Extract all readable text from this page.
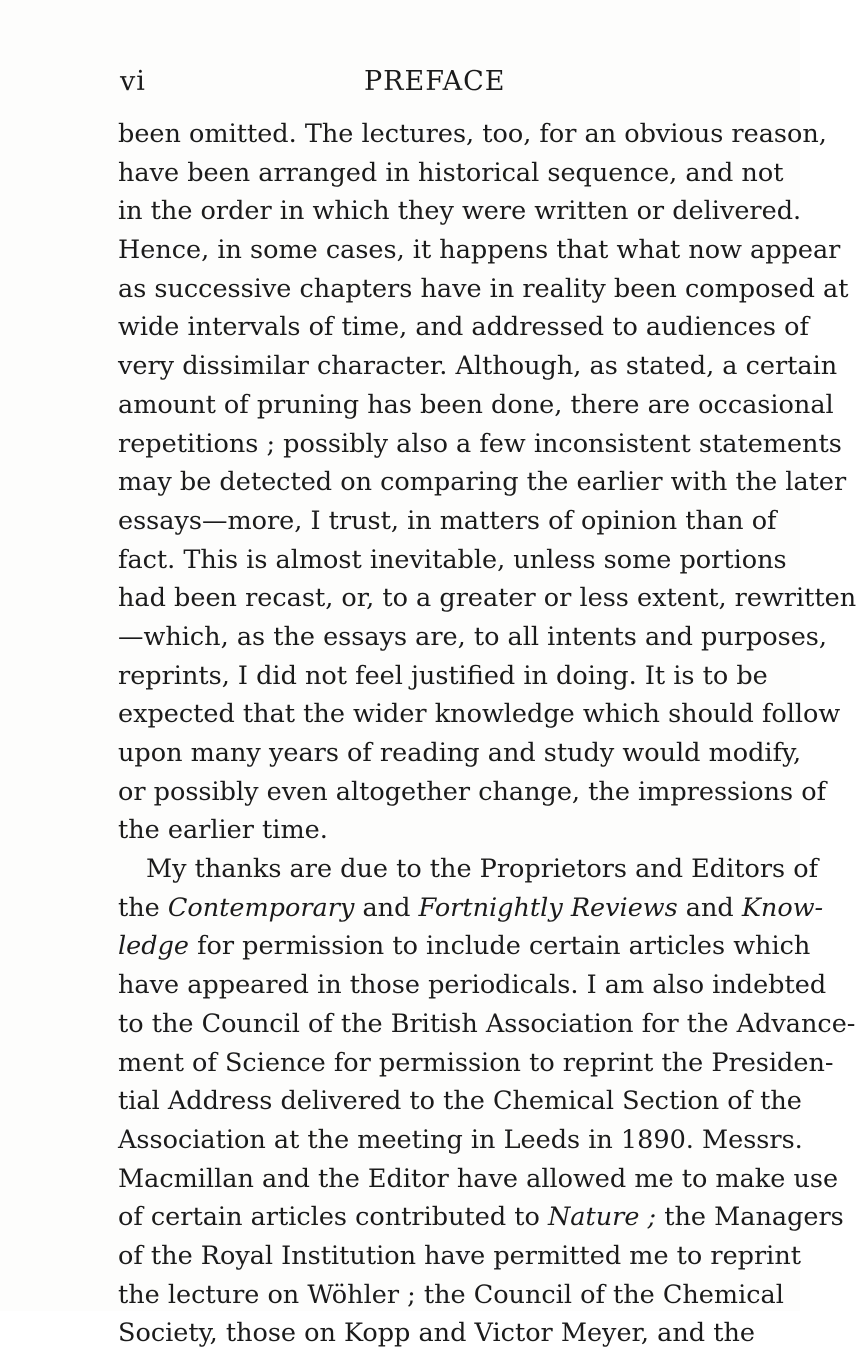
vi	PREFACE
been omitted. The lectures, too, for an obvious reason,
have been arranged in historical sequence, and not
in the order in which they were written or delivered.
Hence, in some cases, it happens that what now appear
as successive chapters have in reality been composed at
wide intervals of time, and addressed to audiences of
very dissimilar character. Although, as stated, a certain
amount of pruning has been done, there are occasional
repetitions ; possibly also a few inconsistent statements
may be detected on comparing the earlier with the later
essays—more, I trust, in matters of opinion than of
fact. This is almost inevitable, unless some portions
had been recast, or, to a greater or less extent, rewritten
—which, as the essays are, to all intents and purposes,
reprints, I did not feel justified in doing. It is to be
expected that the wider knowledge which should follow
upon many years of reading and study would modify,
or possibly even altogether change, the impressions of
the earlier time.
My thanks are due to the Proprietors and Editors of
the Contemporary and Fortnightly Reviews and Know-
ledge for permission to include certain articles which
have appeared in those periodicals. I am also indebted
to the Council of the British Association for the Advance-
ment of Science for permission to reprint the Presiden-
tial Address delivered to the Chemical Section of the
Association at the meeting in Leeds in 1890. Messrs.
Macmillan and the Editor have allowed me to make use
of certain articles contributed to Nature ; the Managers
of the Royal Institution have permitted me to reprint
the lecture on Wöhler ; the Council of the Chemical
Society, those on Kopp and Victor Meyer, and the
